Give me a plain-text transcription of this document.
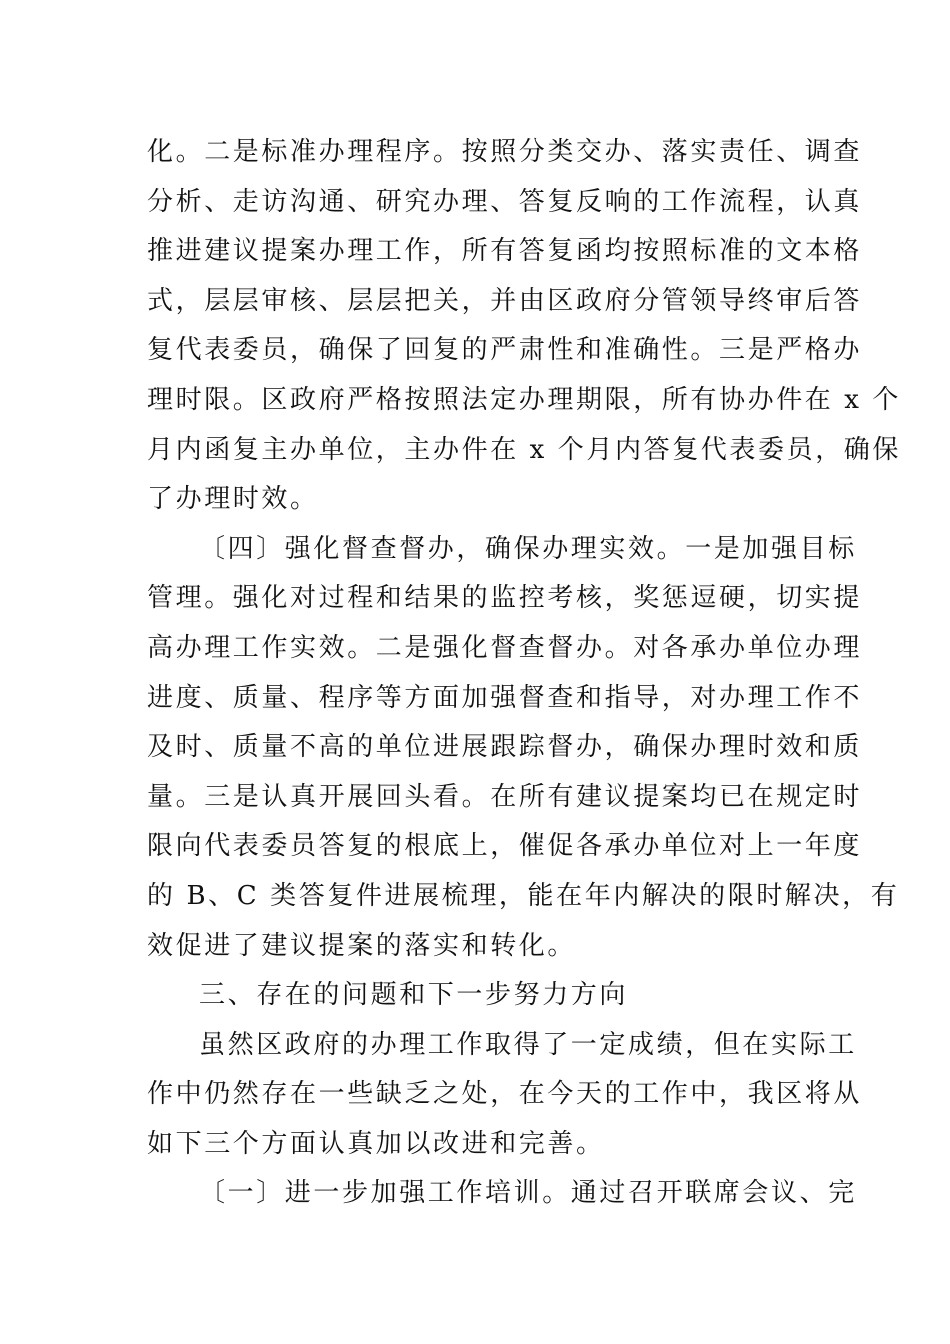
化。二是标准办理程序。按照分类交办、落实责任、调查
分析、走访沟通、研究办理、答复反响的工作流程，认真
推进建议提案办理工作，所有答复函均按照标准的文本格
式，层层审核、层层把关，并由区政府分管领导终审后答
复代表委员，确保了回复的严肃性和准确性。三是严格办
理时限。区政府严格按照法定办理期限，所有协办件在 x 个
月内函复主办单位，主办件在 x 个月内答复代表委员，确保
了办理时效。
〔四〕强化督查督办，确保办理实效。一是加强目标
管理。强化对过程和结果的监控考核，奖惩逗硬，切实提
高办理工作实效。二是强化督查督办。对各承办单位办理
进度、质量、程序等方面加强督查和指导，对办理工作不
及时、质量不高的单位进展跟踪督办，确保办理时效和质
量。三是认真开展回头看。在所有建议提案均已在规定时
限向代表委员答复的根底上，催促各承办单位对上一年度
的 B、C 类答复件进展梳理，能在年内解决的限时解决，有
效促进了建议提案的落实和转化。
三、存在的问题和下一步努力方向
虽然区政府的办理工作取得了一定成绩，但在实际工
作中仍然存在一些缺乏之处，在今天的工作中，我区将从
如下三个方面认真加以改进和完善。
〔一〕进一步加强工作培训。通过召开联席会议、完
